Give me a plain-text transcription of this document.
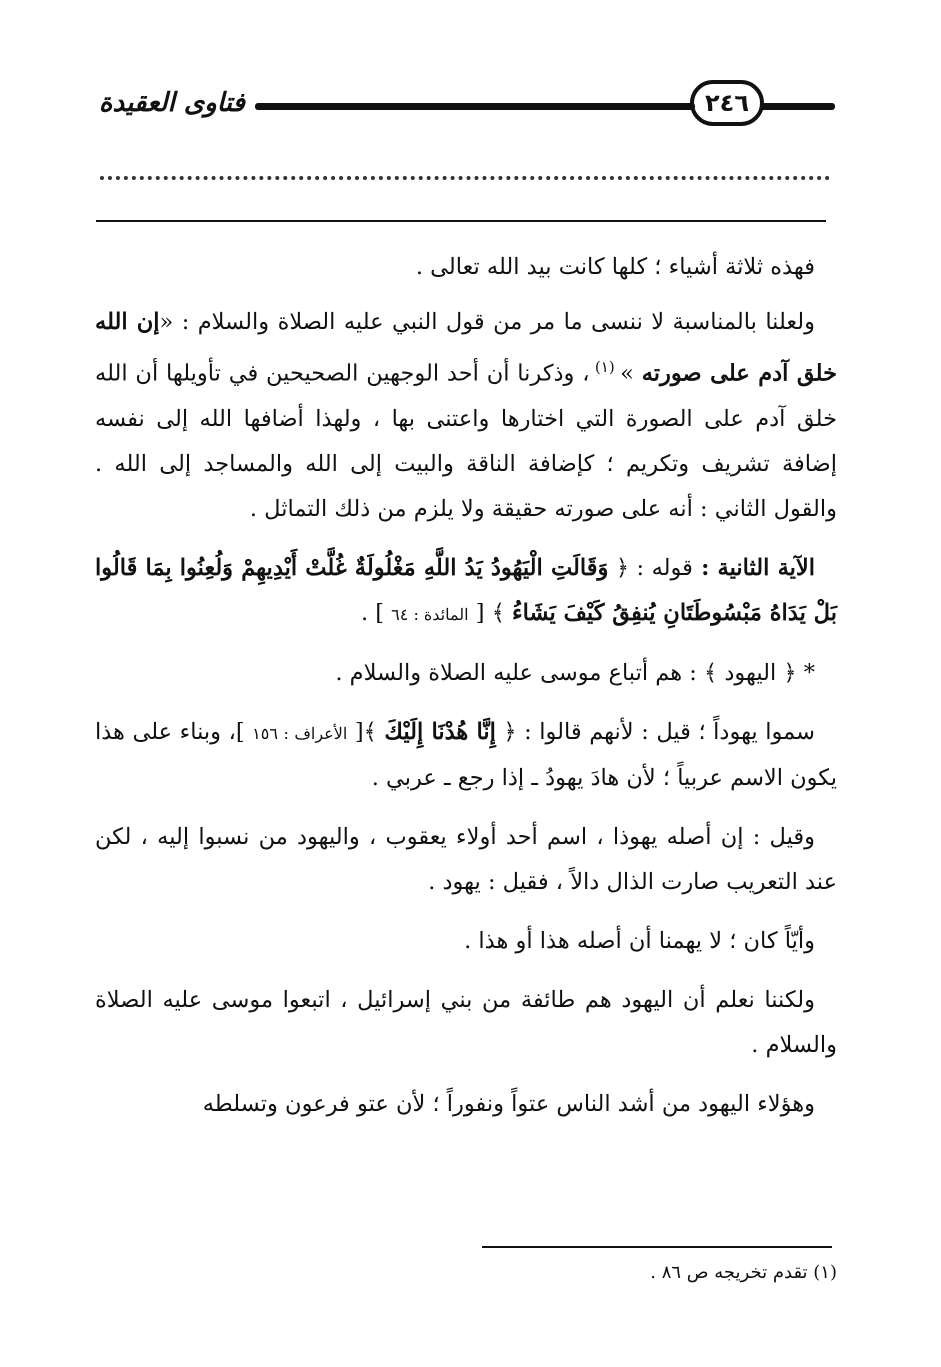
٢٤٦
فتاوى العقيدة

فهذه ثلاثة أشياء ؛ كلها كانت بيد الله تعالى .

ولعلنا بالمناسبة لا ننسى ما مر من قول النبي عليه الصلاة والسلام : «إن الله خلق آدم على صورته » $^{(١)}$ ، وذكرنا أن أحد الوجهين الصحيحين في تأويلها أن الله خلق آدم على الصورة التي اختارها واعتنى بها ، ولهذا أضافها الله إلى نفسه إضافة تشريف وتكريم ؛ كإضافة الناقة والبيت إلى الله والمساجد إلى الله . والقول الثاني : أنه على صورته حقيقة ولا يلزم من ذلك التماثل .

الآية الثانية : قوله : ﴿ وَقَالَتِ الْيَهُودُ يَدُ اللَّهِ مَغْلُولَةٌ غُلَّتْ أَيْدِيهِمْ وَلُعِنُوا بِمَا قَالُوا بَلْ يَدَاهُ مَبْسُوطَتَانِ يُنفِقُ كَيْفَ يَشَاءُ ﴾ [ المائدة : ٦٤ ] .

* ﴿ اليهود ﴾ : هم أتباع موسى عليه الصلاة والسلام .

سموا يهوداً ؛ قيل : لأنهم قالوا : ﴿ إِنَّا هُدْنَا إِلَيْكَ ﴾[ الأعراف : ١٥٦ ]، وبناء على هذا يكون الاسم عربياً ؛ لأن هادَ يهودُ ـ إذا رجع ـ عربي .

وقيل : إن أصله يهوذا ، اسم أحد أولاء يعقوب ، واليهود من نسبوا إليه ، لكن عند التعريب صارت الذال دالاً ، فقيل : يهود .

وأيّاً كان ؛ لا يهمنا أن أصله هذا أو هذا .

ولكننا نعلم أن اليهود هم طائفة من بني إسرائيل ، اتبعوا موسى عليه الصلاة والسلام .

وهؤلاء اليهود من أشد الناس عتواً ونفوراً ؛ لأن عتو فرعون وتسلطه

(١) تقدم تخريجه ص ٨٦ .
